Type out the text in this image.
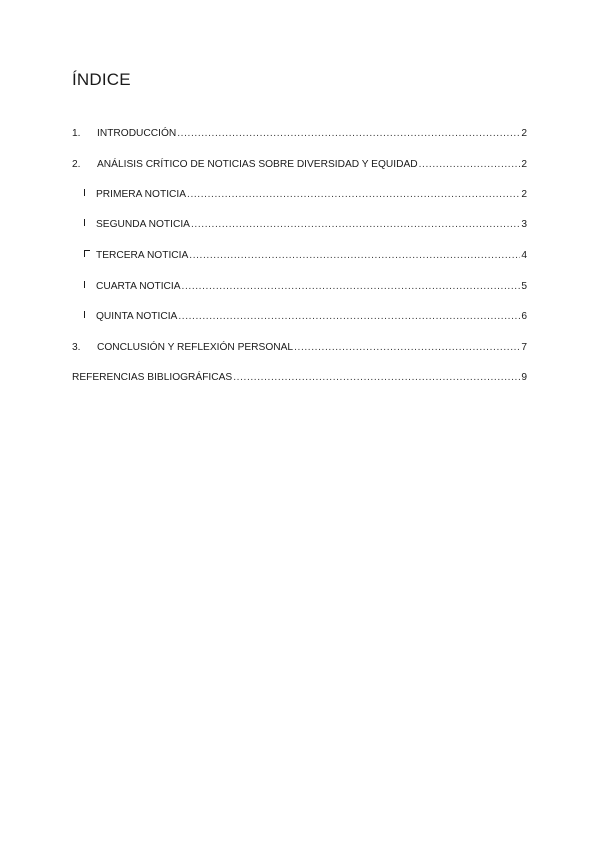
ÍNDICE
1.	INTRODUCCIÓN .....	2
2.	ANÁLISIS CRÍTICO DE NOTICIAS SOBRE DIVERSIDAD Y EQUIDAD .....	2
PRIMERA NOTICIA .....	2
SEGUNDA NOTICIA .....	3
TERCERA NOTICIA .....	4
CUARTA NOTICIA .....	5
QUINTA NOTICIA .....	6
3.	CONCLUSIÓN Y REFLEXIÓN PERSONAL .....	7
REFERENCIAS BIBLIOGRÁFICAS .....	9
